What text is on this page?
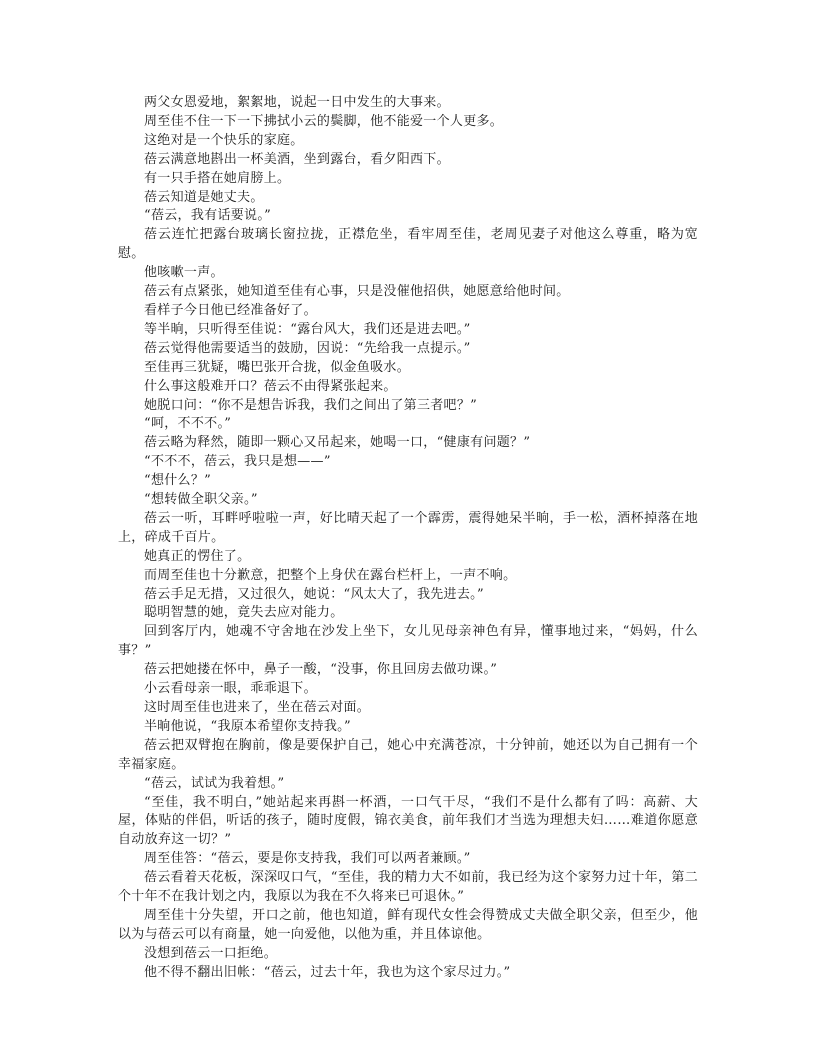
两父女恩爱地，絮絮地，说起一日中发生的大事来。

周至佳不住一下一下拂拭小云的鬓脚，他不能爱一个人更多。

这绝对是一个快乐的家庭。

蓓云满意地斟出一杯美酒，坐到露台，看夕阳西下。

有一只手搭在她肩膀上。

蓓云知道是她丈夫。

“蓓云，我有话要说。”

蓓云连忙把露台玻璃长窗拉拢，正襟危坐，看牢周至佳，老周见妻子对他这么尊重，略为宽慰。

他咳嗽一声。

蓓云有点紧张，她知道至佳有心事，只是没催他招供，她愿意给他时间。

看样子今日他已经准备好了。

等半晌，只听得至佳说：“露台风大，我们还是进去吧。”

蓓云觉得他需要适当的鼓励，因说：“先给我一点提示。”

至佳再三犹疑，嘴巴张开合拢，似金鱼吸水。

什么事这般难开口？蓓云不由得紧张起来。

她脱口问：“你不是想告诉我，我们之间出了第三者吧？”

“呵，不不不。”

蓓云略为释然，随即一颗心又吊起来，她喝一口，“健康有问题？”

“不不不，蓓云，我只是想——”

“想什么？”

“想转做全职父亲。”

蓓云一听，耳畔呼啦啦一声，好比晴天起了一个霹雳，震得她呆半晌，手一松，酒杯掉落在地上，碎成千百片。

她真正的愣住了。

而周至佳也十分歉意，把整个上身伏在露台栏杆上，一声不响。

蓓云手足无措，又过很久，她说：“风太大了，我先进去。”

聪明智慧的她，竟失去应对能力。

回到客厅内，她魂不守舍地在沙发上坐下，女儿见母亲神色有异，懂事地过来，“妈妈，什么事？”

蓓云把她搂在怀中，鼻子一酸，“没事，你且回房去做功课。”

小云看母亲一眼，乖乖退下。

这时周至佳也进来了，坐在蓓云对面。

半晌他说，“我原本希望你支持我。”

蓓云把双臂抱在胸前，像是要保护自己，她心中充满苍凉，十分钟前，她还以为自己拥有一个幸福家庭。

“蓓云，试试为我着想。”

“至佳，我不明白，”她站起来再斟一杯酒，一口气干尽，“我们不是什么都有了吗：高薪、大屋，体贴的伴侣，听话的孩子，随时度假，锦衣美食，前年我们才当选为理想夫妇……难道你愿意自动放弃这一切？”

周至佳答：“蓓云，要是你支持我，我们可以两者兼顾。”

蓓云看着天花板，深深叹口气，“至佳，我的精力大不如前，我已经为这个家努力过十年，第二个十年不在我计划之内，我原以为我在不久将来已可退休。”

周至佳十分失望，开口之前，他也知道，鲜有现代女性会得赞成丈夫做全职父亲，但至少，他以为与蓓云可以有商量，她一向爱他，以他为重，并且体谅他。

没想到蓓云一口拒绝。

他不得不翻出旧帐：“蓓云，过去十年，我也为这个家尽过力。”
